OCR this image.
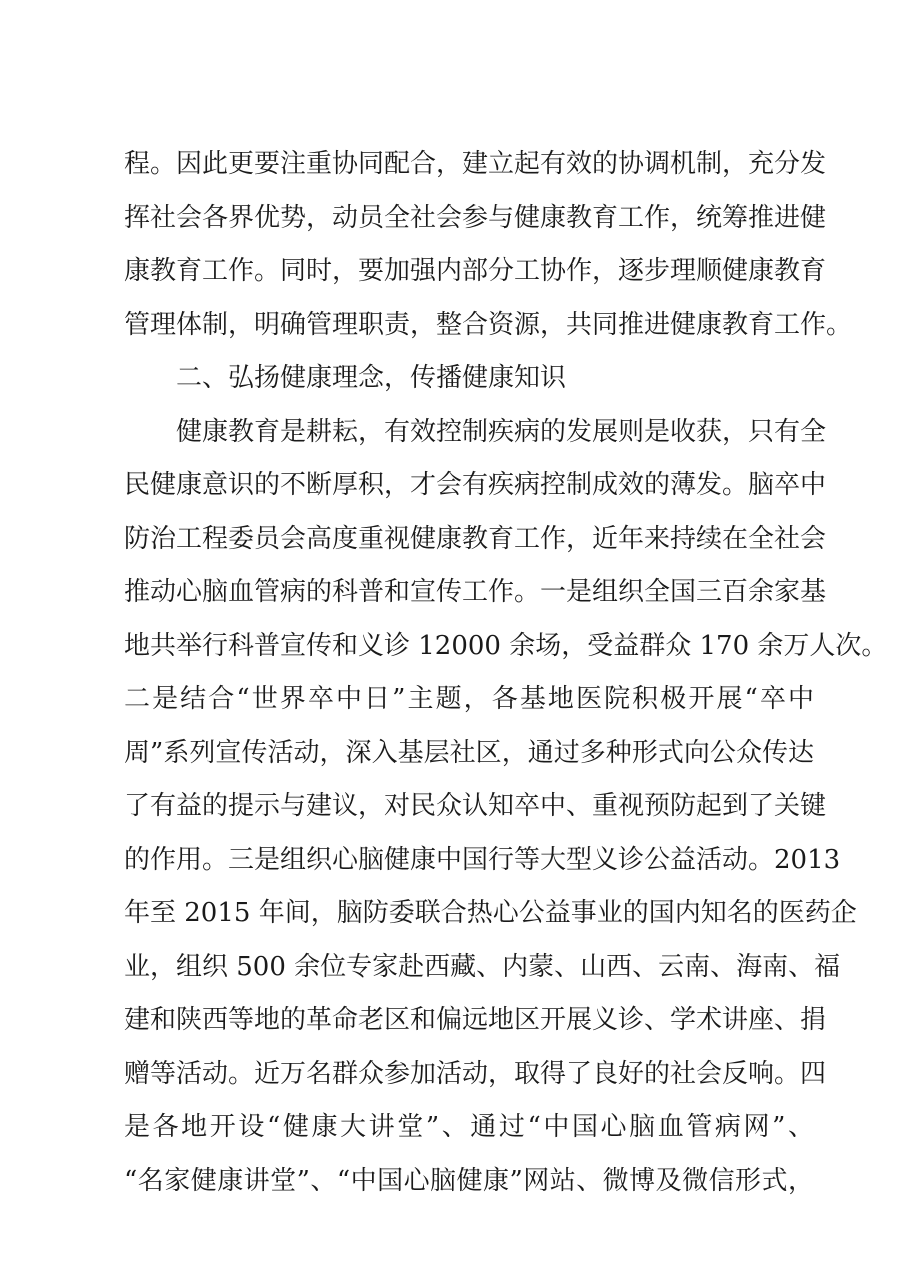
程。因此更要注重协同配合，建立起有效的协调机制，充分发
挥社会各界优势，动员全社会参与健康教育工作，统筹推进健
康教育工作。同时，要加强内部分工协作，逐步理顺健康教育
管理体制，明确管理职责，整合资源，共同推进健康教育工作。
二、弘扬健康理念，传播健康知识
健康教育是耕耘，有效控制疾病的发展则是收获，只有全
民健康意识的不断厚积，才会有疾病控制成效的薄发。脑卒中
防治工程委员会高度重视健康教育工作，近年来持续在全社会
推动心脑血管病的科普和宣传工作。一是组织全国三百余家基
地共举行科普宣传和义诊 12000 余场，受益群众 170 余万人次。
二是结合“世界卒中日”主题，各基地医院积极开展“卒中
周”系列宣传活动，深入基层社区，通过多种形式向公众传达
了有益的提示与建议，对民众认知卒中、重视预防起到了关键
的作用。三是组织心脑健康中国行等大型义诊公益活动。2013
年至 2015 年间，脑防委联合热心公益事业的国内知名的医药企
业，组织 500 余位专家赴西藏、内蒙、山西、云南、海南、福
建和陕西等地的革命老区和偏远地区开展义诊、学术讲座、捐
赠等活动。近万名群众参加活动，取得了良好的社会反响。四
是各地开设“健康大讲堂”、通过“中国心脑血管病网”、
“名家健康讲堂”、“中国心脑健康”网站、微博及微信形式，
